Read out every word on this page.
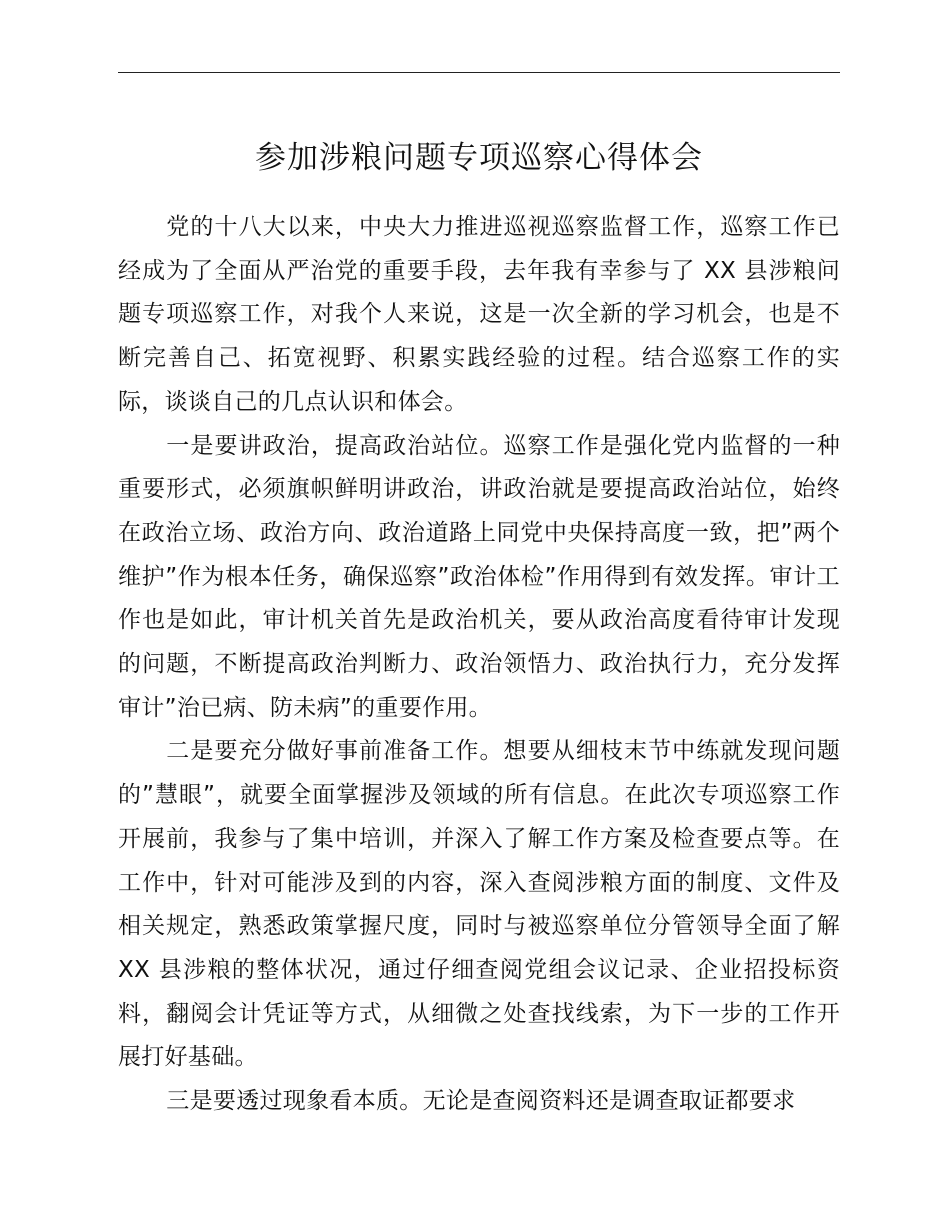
参加涉粮问题专项巡察心得体会

党的十八大以来，中央大力推进巡视巡察监督工作，巡察工作已经成为了全面从严治党的重要手段，去年我有幸参与了 XX 县涉粮问题专项巡察工作，对我个人来说，这是一次全新的学习机会，也是不断完善自己、拓宽视野、积累实践经验的过程。结合巡察工作的实际，谈谈自己的几点认识和体会。

一是要讲政治，提高政治站位。巡察工作是强化党内监督的一种重要形式，必须旗帜鲜明讲政治，讲政治就是要提高政治站位，始终在政治立场、政治方向、政治道路上同党中央保持高度一致，把”两个维护”作为根本任务，确保巡察”政治体检”作用得到有效发挥。审计工作也是如此，审计机关首先是政治机关，要从政治高度看待审计发现的问题，不断提高政治判断力、政治领悟力、政治执行力，充分发挥审计”治已病、防未病”的重要作用。

二是要充分做好事前准备工作。想要从细枝末节中练就发现问题的”慧眼”，就要全面掌握涉及领域的所有信息。在此次专项巡察工作开展前，我参与了集中培训，并深入了解工作方案及检查要点等。在工作中，针对可能涉及到的内容，深入查阅涉粮方面的制度、文件及相关规定，熟悉政策掌握尺度，同时与被巡察单位分管领导全面了解 XX 县涉粮的整体状况，通过仔细查阅党组会议记录、企业招投标资料，翻阅会计凭证等方式，从细微之处查找线索，为下一步的工作开展打好基础。

三是要透过现象看本质。无论是查阅资料还是调查取证都要求
